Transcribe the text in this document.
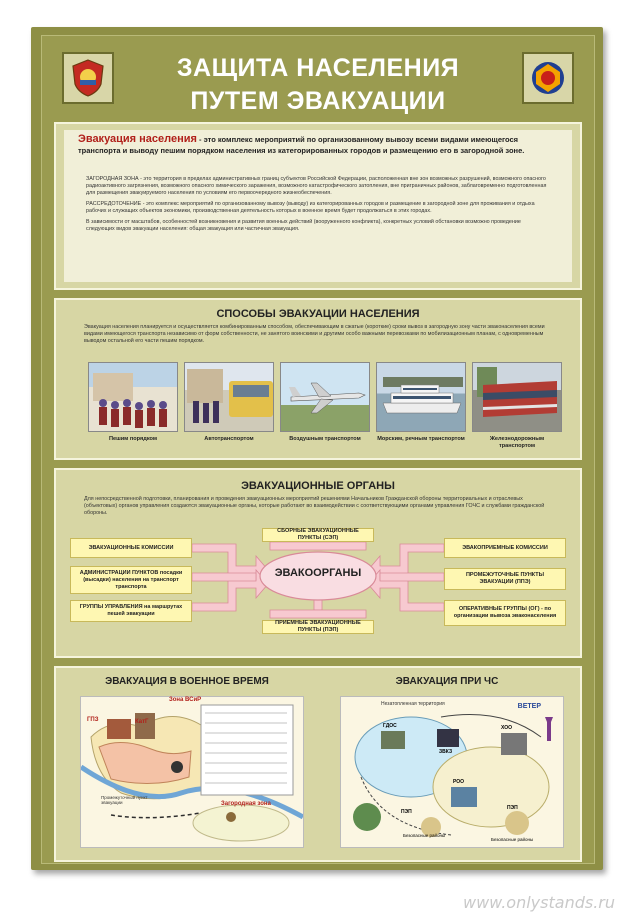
ЗАЩИТА НАСЕЛЕНИЯ
ПУТЕМ ЭВАКУАЦИИ
Эвакуация населения - это комплекс мероприятий по организованному вывозу всеми видами имеющегося транспорта и выводу пешим порядком населения из категорированных городов и размещению его в загородной зоне.

ЗАГОРОДНАЯ ЗОНА - это территория в пределах административных границ субъектов Российской Федерации, расположенная вне зон возможных разрушений, возможного опасного радиоактивного загрязнения, возможного опасного химического заражения, возможного катастрофического затопления, вне приграничных районов, заблаговременно подготовленная для размещения эвакуируемого населения по условиям его первоочередного жизнеобеспечения.

РАССРЕДОТОЧЕНИЕ - это комплекс мероприятий по организованному вывозу (выводу) из категорированных городов и размещение в загородной зоне для проживания и отдыха рабочих и служащих объектов экономики, производственная деятельность которых в военное время будет продолжаться в этих городах.

В зависимости от масштабов, особенностей возникновения и развития военных действий (вооруженного конфликта), конкретных условий обстановки возможно проведение следующих видов эвакуации населения: общая эвакуация или частичная эвакуация.

СПОСОБЫ ЭВАКУАЦИИ НАСЕЛЕНИЯ

Эвакуация населения планируется и осуществляется комбинированным способом, обеспечивающим в сжатые (короткие) сроки вывоз в загородную зону части эваконаселения всеми видами имеющегося транспорта независимо от форм собственности, не занятого воинскими и другими особо важными перевозками по мобилизационным планам, с одновременным выводом остальной его части пешим порядком.

Пешим порядком	Автотранспортом	Воздушным транспортом	Морским, речным транспортом	Железнодорожным транспортом
ЭВАКУАЦИОННЫЕ ОРГАНЫ

Для непосредственной подготовки, планирования и проведения эвакуационных мероприятий решениями Начальников Гражданской обороны территориальных и отраслевых (объектовых) органов управления создаются эвакуационные органы, которые работают во взаимодействии с соответствующими органами управления ГОЧС и службами гражданской обороны.

ЭВАКООРГАНЫ
СБОРНЫЕ ЭВАКУАЦИОННЫЕ ПУНКТЫ (СЭП)
ПРИЕМНЫЕ ЭВАКУАЦИОННЫЕ ПУНКТЫ (ПЭП)
ЭВАКУАЦИОННЫЕ КОМИССИИ
АДМИНИСТРАЦИИ ПУНКТОВ посадки (высадки) населения на транспорт транспорта
ГРУППЫ УПРАВЛЕНИЯ на маршрутах пешей эвакуации
ЭВАКОПРИЕМНЫЕ КОМИССИИ
ПРОМЕЖУТОЧНЫЕ ПУНКТЫ ЭВАКУАЦИИ (ППЭ)
ОПЕРАТИВНЫЕ ГРУППЫ (ОГ) - по организации вывоза эваконаселения
ЭВАКУАЦИЯ В ВОЕННОЕ ВРЕМЯ	ЭВАКУАЦИЯ ПРИ ЧС
ГПЗ	КатГ
Зона ВСиР
Загородная зона
Промежуточный пункт эвакуации
Незатопленная территория	ВЕТЕР
ГДОС
ЗВКЗ
ХОО
РОО
ПЭП
ПЭП
Безопасные районы
Безопасные районы
www.onlystands.ru
